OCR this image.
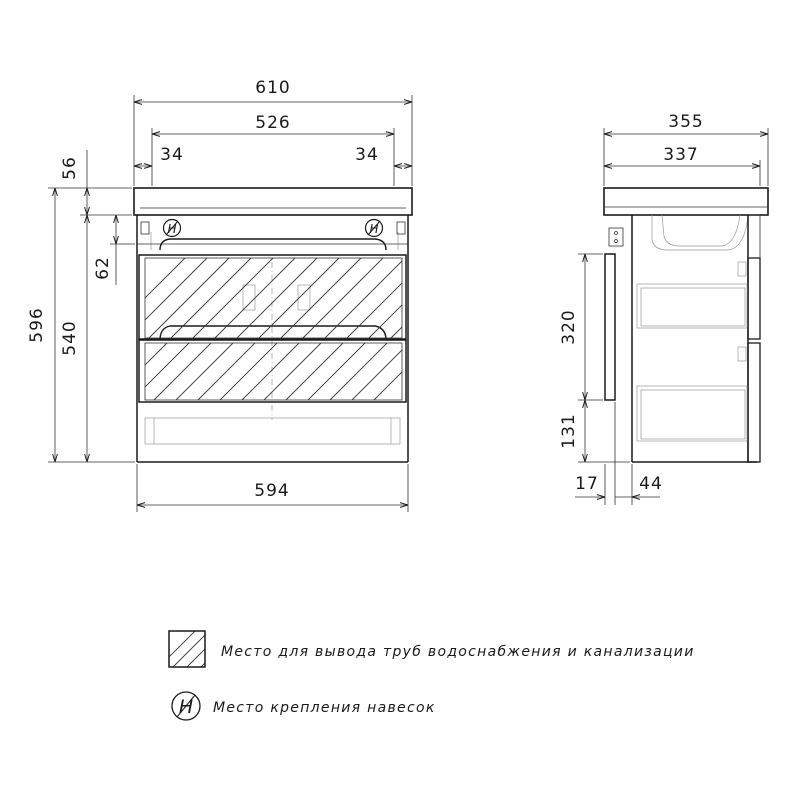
H	H
610
526
34	34
596
56
540
62
594
355
337
320
131
17 44
Место для вывода труб водоснабжения и канализации
H Место крепления навесок
